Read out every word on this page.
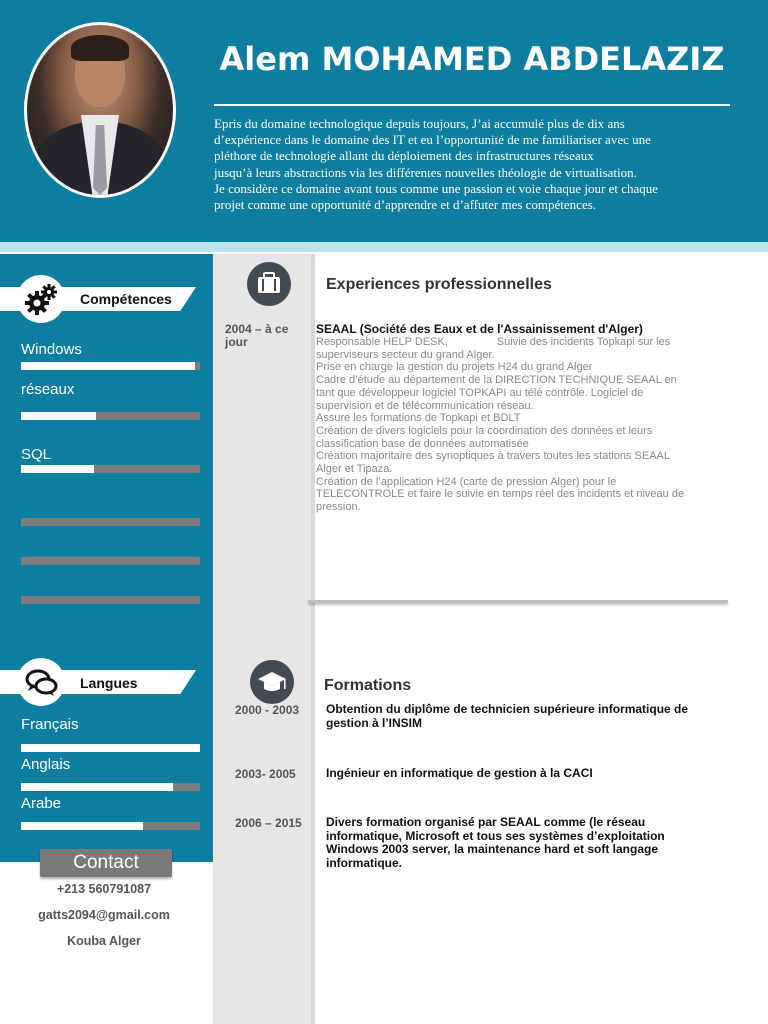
Alem MOHAMED ABDELAZIZ
Epris du domaine technologique depuis toujours, J’ai accumulé plus de dix ans
d’expérience dans le domaine des IT et eu l’opportunité de me familiariser avec une
pléthore de technologie allant du déploiement des infrastructures réseaux
jusqu’à leurs abstractions via les différentes nouvelles théologie de virtualisation.
Je considère ce domaine avant tous comme une passion et voie chaque jour et chaque
projet comme une opportunité d’apprendre et d’affuter mes compétences.
Compétences
Windows
réseaux
SQL
Langues
Français
Anglais
Arabe
Contact
+213 560791087
gatts2094@gmail.com
Kouba Alger
Experiences professionnelles
2004 – à ce jour
SEAAL (Société des Eaux et de l'Assainissement d'Alger)
Responsable HELP DESK,                Suivie des incidents Topkapi sur les
superviseurs secteur du grand Alger.
Prise en charge la gestion du projets H24 du grand Alger
Cadre d’étude au département de la DIRECTION TECHNIQUE SEAAL en
tant que développeur logiciel TOPKAPI au télé contrôle. Logiciel de
supervision et de télécommunication réseau.
Assure les formations de Topkapi et BDLT
Création de divers logiciels pour la coordination des données et leurs
classification base de données automatisée
Création majoritaire des synoptiques à travers toutes les stations SEAAL
Alger et Tipaza.
Création de l’application H24 (carte de pression Alger) pour le
TELECONTROLE et faire le suivie en temps réel des incidents et niveau de
pression.
Formations
2000 - 2003 Obtention du diplôme de technicien supérieure informatique de
gestion à l’INSIM
2003- 2005	Ingénieur en informatique de gestion à la CACI
2006 – 2015 Divers formation organisé par SEAAL comme (le réseau
informatique, Microsoft et tous ses systèmes d’exploitation
Windows 2003 server, la maintenance hard et soft langage
informatique.
